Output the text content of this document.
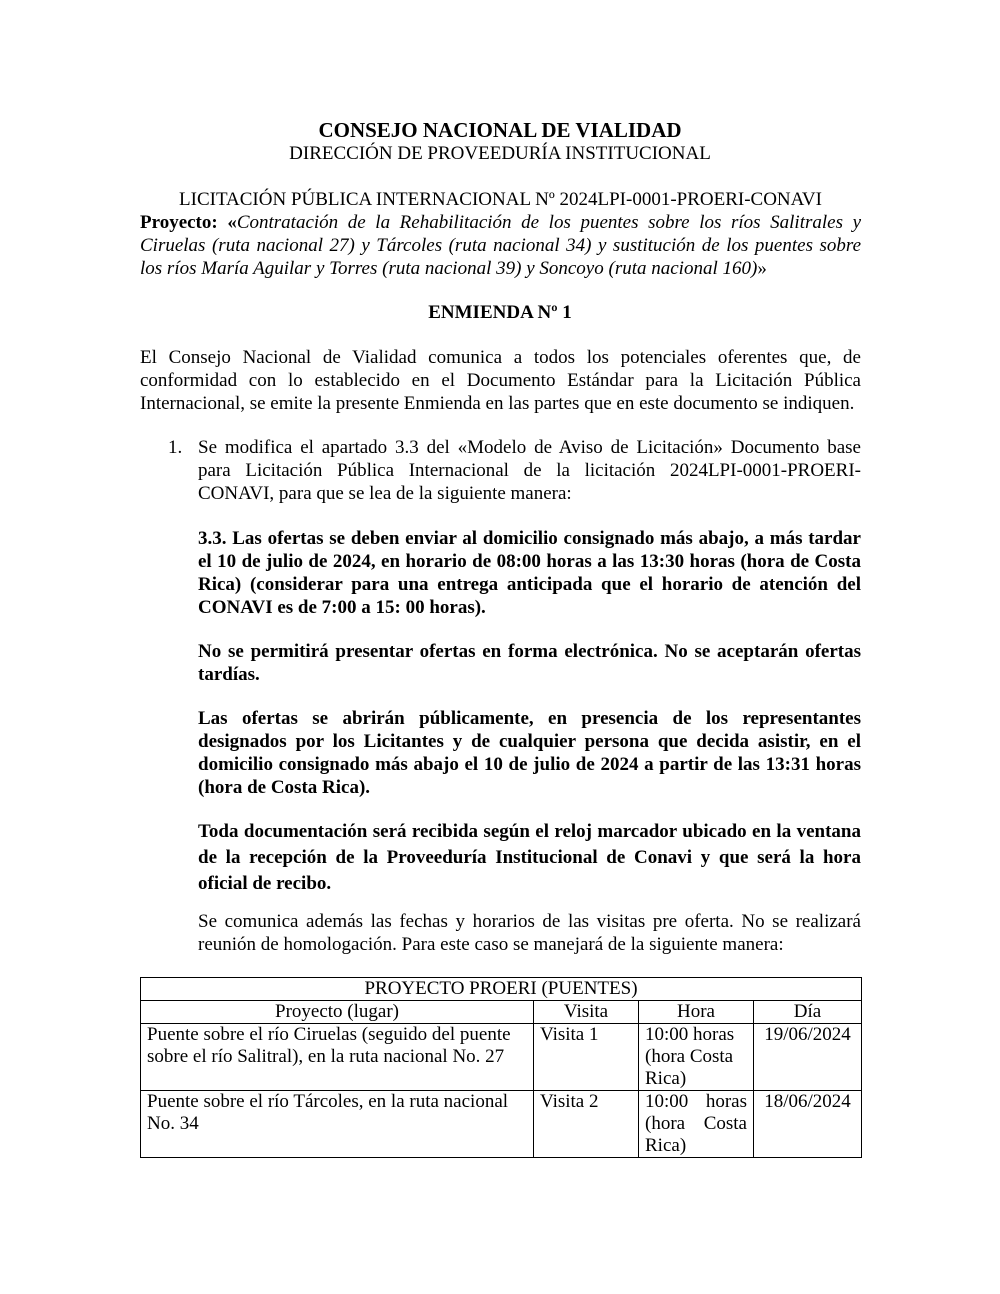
CONSEJO NACIONAL DE VIALIDAD
DIRECCIÓN DE PROVEEDURÍA INSTITUCIONAL
LICITACIÓN PÚBLICA INTERNACIONAL Nº 2024LPI-0001-PROERI-CONAVI
Proyecto: «Contratación de la Rehabilitación de los puentes sobre los ríos Salitrales y Ciruelas (ruta nacional 27) y Tárcoles (ruta nacional 34) y sustitución de los puentes sobre los ríos María Aguilar y Torres (ruta nacional 39) y Soncoyo (ruta nacional 160)»
ENMIENDA Nº 1
El Consejo Nacional de Vialidad comunica a todos los potenciales oferentes que, de conformidad con lo establecido en el Documento Estándar para la Licitación Pública Internacional, se emite la presente Enmienda en las partes que en este documento se indiquen.
1. Se modifica el apartado 3.3 del «Modelo de Aviso de Licitación» Documento base para Licitación Pública Internacional de la licitación 2024LPI-0001-PROERI-CONAVI, para que se lea de la siguiente manera:
3.3. Las ofertas se deben enviar al domicilio consignado más abajo, a más tardar el 10 de julio de 2024, en horario de 08:00 horas a las 13:30 horas (hora de Costa Rica) (considerar para una entrega anticipada que el horario de atención del CONAVI es de 7:00 a 15: 00 horas).
No se permitirá presentar ofertas en forma electrónica. No se aceptarán ofertas tardías.
Las ofertas se abrirán públicamente, en presencia de los representantes designados por los Licitantes y de cualquier persona que decida asistir, en el domicilio consignado más abajo el 10 de julio de 2024 a partir de las 13:31 horas (hora de Costa Rica).
Toda documentación será recibida según el reloj marcador ubicado en la ventana de la recepción de la Proveeduría Institucional de Conavi y que será la hora oficial de recibo.
Se comunica además las fechas y horarios de las visitas pre oferta. No se realizará reunión de homologación. Para este caso se manejará de la siguiente manera:
PROYECTO PROERI (PUENTES)			
Proyecto (lugar)	Visita	Hora	Día
Puente sobre el río Ciruelas (seguido del puente sobre el río Salitral), en la ruta nacional No. 27	Visita 1	10:00 horas (hora Costa Rica)	19/06/2024
Puente sobre el río Tárcoles, en la ruta nacional No. 34	Visita 2	10:00 horas (hora Costa Rica)	18/06/2024
